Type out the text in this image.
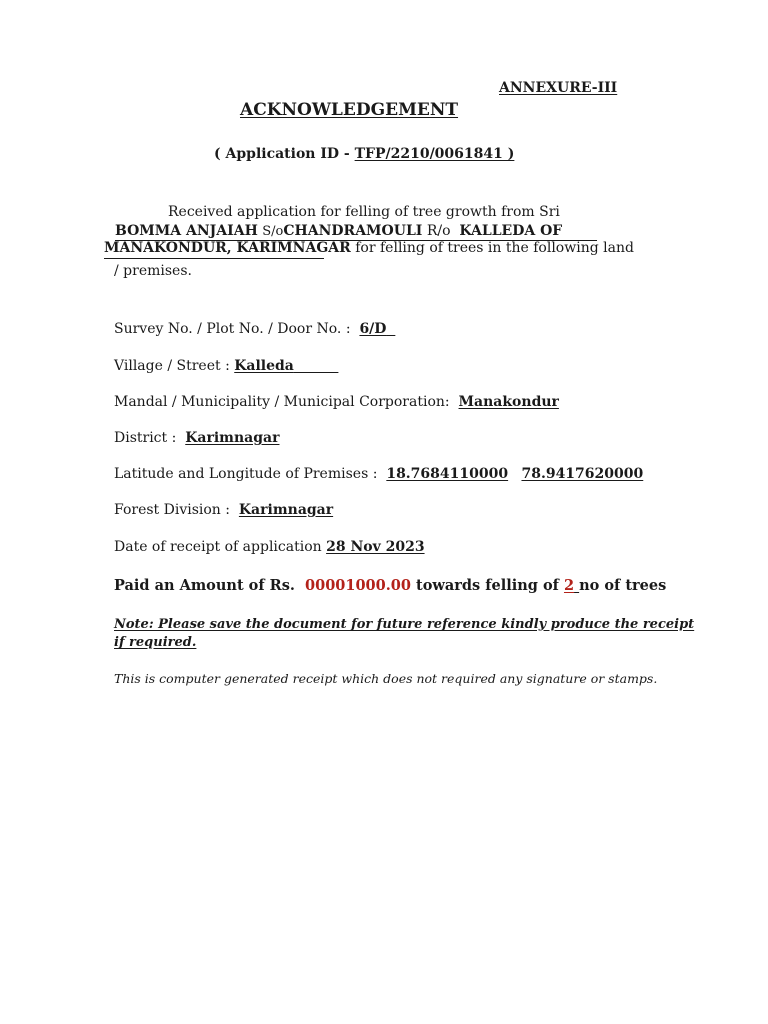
ANNEXURE-III
ACKNOWLEDGEMENT
( Application ID - TFP/2210/0061841 )
Received application for felling of tree growth from Sri
BOMMA ANJAIAH S/oCHANDRAMOULI R/o KALLEDA OF
MANAKONDUR, KARIMNAGAR for felling of trees in the following land
/ premises.
Survey No. / Plot No. / Door No. : 6/D
Village / Street : Kalleda
Mandal / Municipality / Municipal Corporation: Manakondur
District : Karimnagar
Latitude and Longitude of Premises : 18.7684110000 78.9417620000
Forest Division : Karimnagar
Date of receipt of application 28 Nov 2023
Paid an Amount of Rs. 00001000.00 towards felling of 2 no of trees
Note: Please save the document for future reference kindly produce the receipt
if required.
This is computer generated receipt which does not required any signature or stamps.
